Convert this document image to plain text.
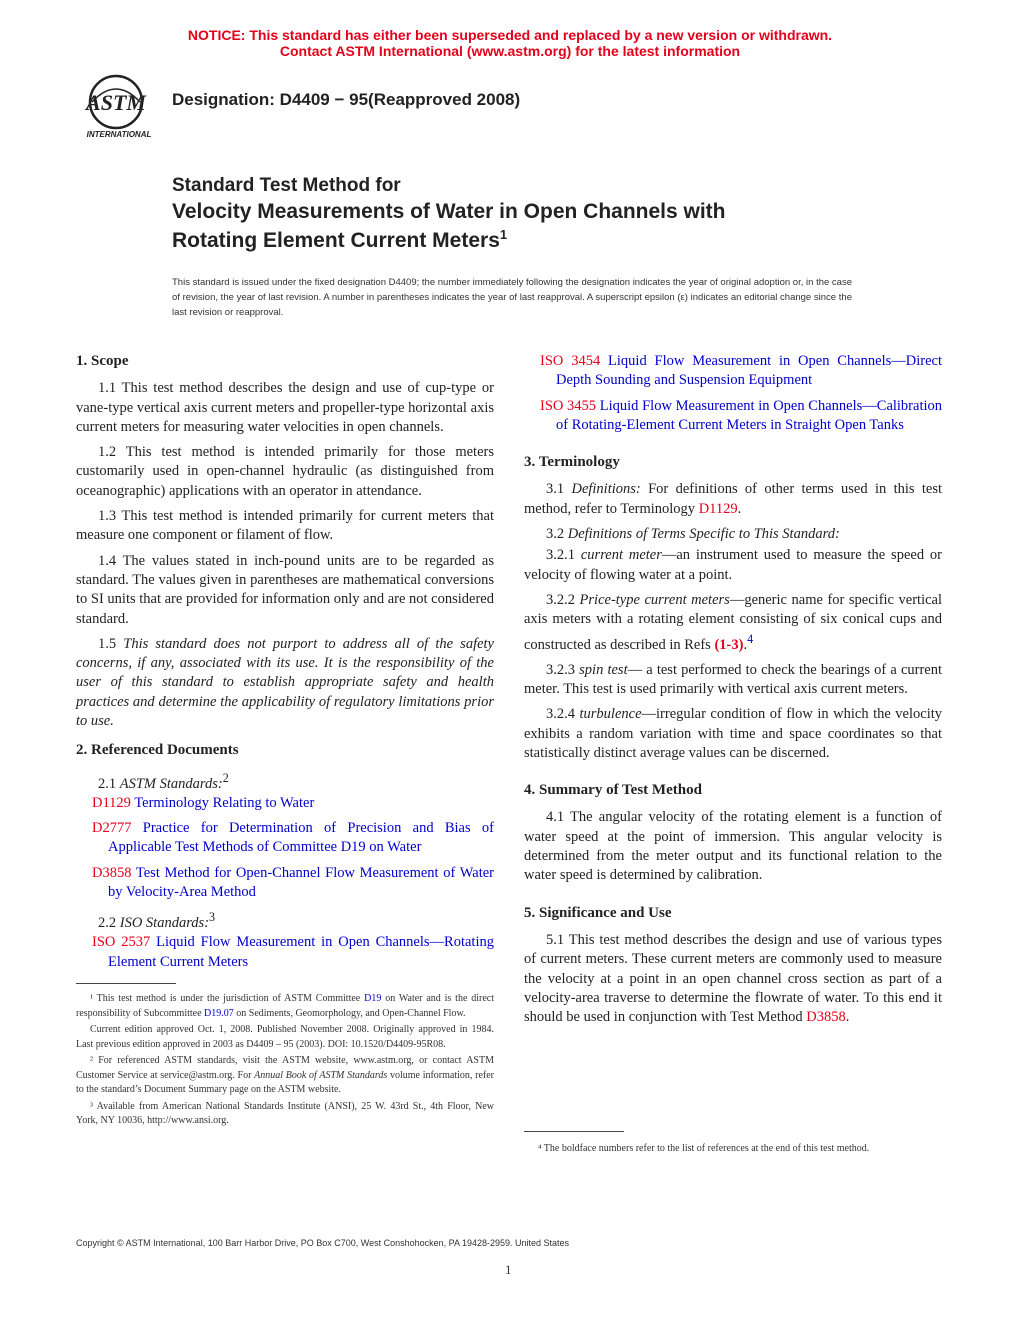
NOTICE: This standard has either been superseded and replaced by a new version or withdrawn.
Contact ASTM International (www.astm.org) for the latest information
ASTM
INTERNATIONAL
Designation: D4409 − 95(Reapproved 2008)
Standard Test Method for
Velocity Measurements of Water in Open Channels with
Rotating Element Current Meters$^1$
This standard is issued under the fixed designation D4409; the number immediately following the designation indicates the year of original adoption or, in the case of revision, the year of last revision. A number in parentheses indicates the year of last reapproval. A superscript epsilon (ε) indicates an editorial change since the last revision or reapproval.
1. Scope

1.1 This test method describes the design and use of cup-type or vane-type vertical axis current meters and propeller-type horizontal axis current meters for measuring water velocities in open channels.

1.2 This test method is intended primarily for those meters customarily used in open-channel hydraulic (as distinguished from oceanographic) applications with an operator in attendance.

1.3 This test method is intended primarily for current meters that measure one component or filament of flow.

1.4 The values stated in inch-pound units are to be regarded as standard. The values given in parentheses are mathematical conversions to SI units that are provided for information only and are not considered standard.

1.5 This standard does not purport to address all of the safety concerns, if any, associated with its use. It is the responsibility of the user of this standard to establish appropriate safety and health practices and determine the applicability of regulatory limitations prior to use.

2. Referenced Documents

2.1 ASTM Standards:$^2$

D1129 Terminology Relating to Water

D2777 Practice for Determination of Precision and Bias of Applicable Test Methods of Committee D19 on Water

D3858 Test Method for Open-Channel Flow Measurement of Water by Velocity-Area Method

2.2 ISO Standards:$^3$

ISO 2537 Liquid Flow Measurement in Open Channels—Rotating Element Current Meters

¹ This test method is under the jurisdiction of ASTM Committee D19 on Water and is the direct responsibility of Subcommittee D19.07 on Sediments, Geomorphology, and Open-Channel Flow.

Current edition approved Oct. 1, 2008. Published November 2008. Originally approved in 1984. Last previous edition approved in 2003 as D4409 – 95 (2003). DOI: 10.1520/D4409-95R08.

² For referenced ASTM standards, visit the ASTM website, www.astm.org, or contact ASTM Customer Service at service@astm.org. For Annual Book of ASTM Standards volume information, refer to the standard’s Document Summary page on the ASTM website.

³ Available from American National Standards Institute (ANSI), 25 W. 43rd St., 4th Floor, New York, NY 10036, http://www.ansi.org.

ISO 3454 Liquid Flow Measurement in Open Channels—Direct Depth Sounding and Suspension Equipment

ISO 3455 Liquid Flow Measurement in Open Channels—Calibration of Rotating-Element Current Meters in Straight Open Tanks

3. Terminology

3.1 Definitions: For definitions of other terms used in this test method, refer to Terminology D1129.

3.2 Definitions of Terms Specific to This Standard:

3.2.1 current meter—an instrument used to measure the speed or velocity of flowing water at a point.

3.2.2 Price-type current meters—generic name for specific vertical axis meters with a rotating element consisting of six conical cups and constructed as described in Refs (1-3).$^4$

3.2.3 spin test— a test performed to check the bearings of a current meter. This test is used primarily with vertical axis current meters.

3.2.4 turbulence—irregular condition of flow in which the velocity exhibits a random variation with time and space coordinates so that statistically distinct average values can be discerned.

4. Summary of Test Method

4.1 The angular velocity of the rotating element is a function of water speed at the point of immersion. This angular velocity is determined from the meter output and its functional relation to the water speed is determined by calibration.

5. Significance and Use

5.1 This test method describes the design and use of various types of current meters. These current meters are commonly used to measure the velocity at a point in an open channel cross section as part of a velocity-area traverse to determine the flowrate of water. To this end it should be used in conjunction with Test Method D3858.

⁴ The boldface numbers refer to the list of references at the end of this test method.

Copyright © ASTM International, 100 Barr Harbor Drive, PO Box C700, West Conshohocken, PA 19428-2959. United States
1
